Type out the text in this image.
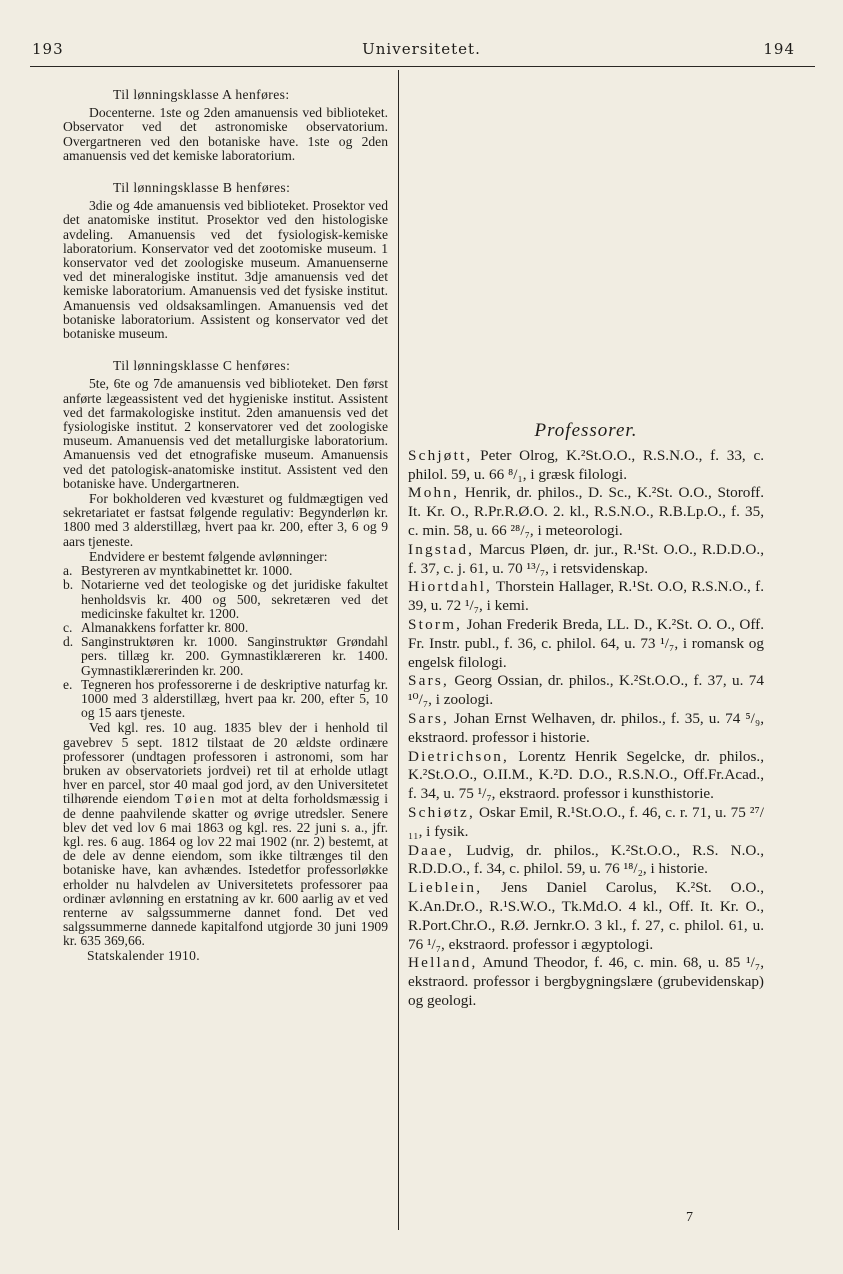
193	Universitetet.	194

Til lønningsklasse A henføres:

Docenterne. 1ste og 2den amanuensis ved biblioteket. Observator ved det astronomiske observatorium. Overgartneren ved den botaniske have. 1ste og 2den amanuensis ved det kemiske laboratorium.

Til lønningsklasse B henføres:

3die og 4de amanuensis ved biblioteket. Prosektor ved det anatomiske institut. Prosektor ved den histologiske avdeling. Amanuensis ved det fysiologisk-kemiske laboratorium. Konservator ved det zootomiske museum. 1 konservator ved det zoologiske museum. Amanuenserne ved det mineralogiske institut. 3dje amanuensis ved det kemiske laboratorium. Amanuensis ved det fysiske institut. Amanuensis ved oldsaksamlingen. Amanuensis ved det botaniske laboratorium. Assistent og konservator ved det botaniske museum.

Til lønningsklasse C henføres:

5te, 6te og 7de amanuensis ved biblioteket. Den først anførte lægeassistent ved det hygieniske institut. Assistent ved det farmakologiske institut. 2den amanuensis ved det fysiologiske institut. 2 konservatorer ved det zoologiske museum. Amanuensis ved det metallurgiske laboratorium. Amanuensis ved det etnografiske museum. Amanuensis ved det patologisk-anatomiske institut. Assistent ved den botaniske have. Undergartneren.

For bokholderen ved kvæsturet og fuldmægtigen ved sekretariatet er fastsat følgende regulativ: Begynderløn kr. 1800 med 3 alderstillæg, hvert paa kr. 200, efter 3, 6 og 9 aars tjeneste.

Endvidere er bestemt følgende avlønninger:

a. Bestyreren av myntkabinettet kr. 1000.
b. Notarierne ved det teologiske og det juridiske fakultet henholdsvis kr. 400 og 500, sekretæren ved det medicinske fakultet kr. 1200.
c. Almanakkens forfatter kr. 800.
d. Sanginstruktøren kr. 1000. Sanginstruktør Grøndahl pers. tillæg kr. 200. Gymnastiklæreren kr. 1400. Gymnastiklærerinden kr. 200.
e. Tegneren hos professorerne i de deskriptive naturfag kr. 1000 med 3 alderstillæg, hvert paa kr. 200, efter 5, 10 og 15 aars tjeneste.

Ved kgl. res. 10 aug. 1835 blev der i henhold til gavebrev 5 sept. 1812 tilstaat de 20 ældste ordinære professorer (undtagen professoren i astronomi, som har bruken av observatoriets jordvei) ret til at erholde utlagt hver en parcel, stor 40 maal god jord, av den Universitetet tilhørende eiendom Tøien mot at delta forholdsmæssig i de denne paahvilende skatter og øvrige utredsler. Senere blev det ved lov 6 mai 1863 og kgl. res. 22 juni s. a., jfr. kgl. res. 6 aug. 1864 og lov 22 mai 1902 (nr. 2) bestemt, at de dele av denne eiendom, som ikke tiltrænges til den botaniske have, kan avhændes. Istedetfor professorløkke erholder nu halvdelen av Universitetets professorer paa ordinær avlønning en erstatning av kr. 600 aarlig av et ved renterne av salgssummerne dannet fond. Det ved salgssummerne dannede kapitalfond utgjorde 30 juni 1909 kr. 635 369,66.

Statskalender 1910.

Professorer.

Schjøtt, Peter Olrog, K.²St.O.O., R.S.N.O., f. 33, c. philol. 59, u. 66 ⁸/₁, i græsk filologi.

Mohn, Henrik, dr. philos., D. Sc., K.²St. O.O., Storoff. It. Kr. O., R.Pr.R.Ø.O. 2. kl., R.S.N.O., R.B.Lp.O., f. 35, c. min. 58, u. 66 ²⁸/₇, i meteorologi.

Ingstad, Marcus Pløen, dr. jur., R.¹St. O.O., R.D.D.O., f. 37, c. j. 61, u. 70 ¹³/₇, i retsvidenskap.

Hiortdahl, Thorstein Hallager, R.¹St. O.O, R.S.N.O., f. 39, u. 72 ¹/₇, i kemi.

Storm, Johan Frederik Breda, LL. D., K.²St. O. O., Off. Fr. Instr. publ., f. 36, c. philol. 64, u. 73 ¹/₇, i romansk og engelsk filologi.

Sars, Georg Ossian, dr. philos., K.²St.O.O., f. 37, u. 74 ¹⁰/₇, i zoologi.

Sars, Johan Ernst Welhaven, dr. philos., f. 35, u. 74 ⁵/₉, ekstraord. professor i historie.

Dietrichson, Lorentz Henrik Segelcke, dr. philos., K.²St.O.O., O.II.M., K.²D. D.O., R.S.N.O., Off.Fr.Acad., f. 34, u. 75 ¹/₇, ekstraord. professor i kunsthistorie.

Schiøtz, Oskar Emil, R.¹St.O.O., f. 46, c. r. 71, u. 75 ²⁷/₁₁, i fysik.

Daae, Ludvig, dr. philos., K.²St.O.O., R.S. N.O., R.D.D.O., f. 34, c. philol. 59, u. 76 ¹⁸/₂, i historie.

Lieblein, Jens Daniel Carolus, K.²St. O.O., K.An.Dr.O., R.¹S.W.O., Tk.Md.O. 4 kl., Off. It. Kr. O., R.Port.Chr.O., R.Ø. Jernkr.O. 3 kl., f. 27, c. philol. 61, u. 76 ¹/₇, ekstraord. professor i ægyptologi.

Helland, Amund Theodor, f. 46, c. min. 68, u. 85 ¹/₇, ekstraord. professor i bergbygningslære (grubevidenskap) og geologi.

7
